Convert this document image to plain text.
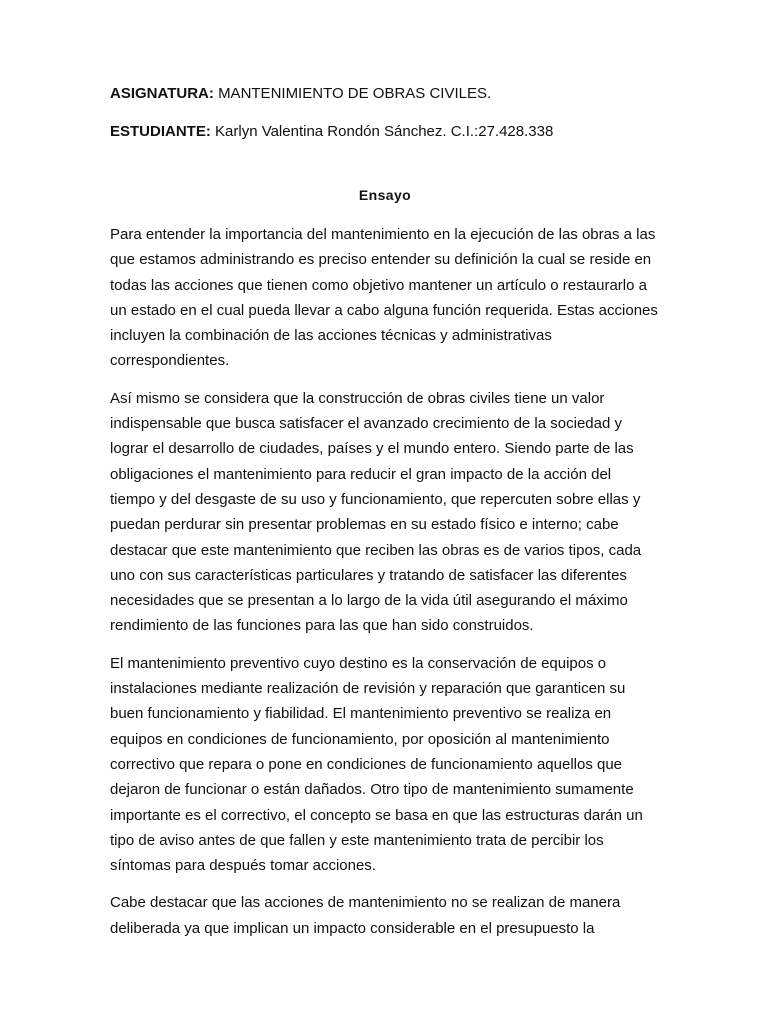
ASIGNATURA: MANTENIMIENTO DE OBRAS CIVILES.

ESTUDIANTE: Karlyn Valentina Rondón Sánchez. C.I.:27.428.338

Ensayo

Para entender la importancia del mantenimiento en la ejecución de las obras a las que estamos administrando es preciso entender su definición la cual se reside en todas las acciones que tienen como objetivo mantener un artículo o restaurarlo a un estado en el cual pueda llevar a cabo alguna función requerida. Estas acciones incluyen la combinación de las acciones técnicas y administrativas correspondientes.

Así mismo se considera que la construcción de obras civiles tiene un valor indispensable que busca satisfacer el avanzado crecimiento de la sociedad y lograr el desarrollo de ciudades, países y el mundo entero. Siendo parte de las obligaciones el mantenimiento para reducir el gran impacto de la acción del tiempo y del desgaste de su uso y funcionamiento, que repercuten sobre ellas y puedan perdurar sin presentar problemas en su estado físico e interno; cabe destacar que este mantenimiento que reciben las obras es de varios tipos, cada uno con sus características particulares y tratando de satisfacer las diferentes necesidades que se presentan a lo largo de la vida útil asegurando el máximo rendimiento de las funciones para las que han sido construidos.

El mantenimiento preventivo cuyo destino es la conservación de equipos o instalaciones mediante realización de revisión y reparación que garanticen su buen funcionamiento y fiabilidad. El mantenimiento preventivo se realiza en equipos en condiciones de funcionamiento, por oposición al mantenimiento correctivo que repara o pone en condiciones de funcionamiento aquellos que dejaron de funcionar o están dañados. Otro tipo de mantenimiento sumamente importante es el correctivo, el concepto se basa en que las estructuras darán un tipo de aviso antes de que fallen y este mantenimiento trata de percibir los síntomas para después tomar acciones.

Cabe destacar que las acciones de mantenimiento no se realizan de manera deliberada ya que implican un impacto considerable en el presupuesto la
